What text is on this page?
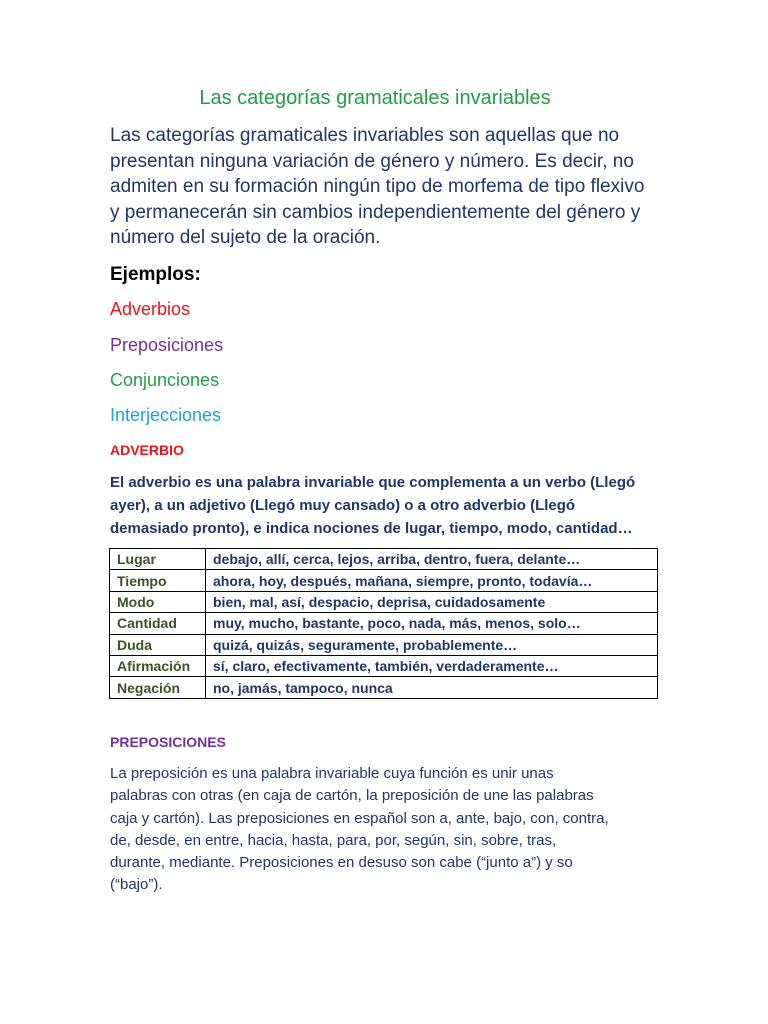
Las categorías gramaticales invariables
Las categorías gramaticales invariables son aquellas que no
presentan ninguna variación de género y número. Es decir, no
admiten en su formación ningún tipo de morfema de tipo flexivo
y permanecerán sin cambios independientemente del género y
número del sujeto de la oración.
Ejemplos:
Adverbios
Preposiciones
Conjunciones
Interjecciones
ADVERBIO
El adverbio es una palabra invariable que complementa a un verbo (Llegó
ayer), a un adjetivo (Llegó muy cansado) o a otro adverbio (Llegó
demasiado pronto), e indica nociones de lugar, tiempo, modo, cantidad…
Lugar	debajo, allí, cerca, lejos, arriba, dentro, fuera, delante…
Tiempo	ahora, hoy, después, mañana, siempre, pronto, todavía…
Modo	bien, mal, así, despacio, deprisa, cuidadosamente
Cantidad	muy, mucho, bastante, poco, nada, más, menos, solo…
Duda	quizá, quizás, seguramente, probablemente…
Afirmación	sí, claro, efectivamente, también, verdaderamente…
Negación	no, jamás, tampoco, nunca
PREPOSICIONES
La preposición es una palabra invariable cuya función es unir unas
palabras con otras (en caja de cartón, la preposición de une las palabras
caja y cartón). Las preposiciones en español son a, ante, bajo, con, contra,
de, desde, en entre, hacia, hasta, para, por, según, sin, sobre, tras,
durante, mediante. Preposiciones en desuso son cabe (“junto a”) y so
(“bajo”).
